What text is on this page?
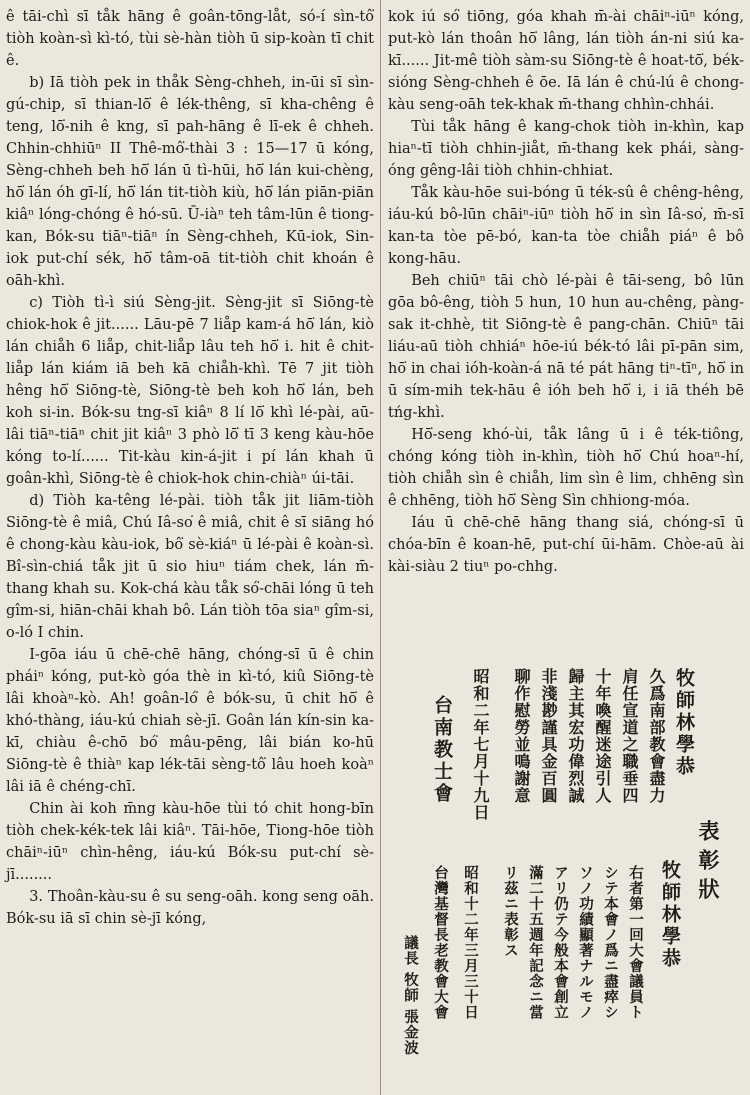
ê tāi-chì sī tåk hāng ê goân-tōng-låt, só-í sìn-tô͘ tiòh koàn-sì kì-tó, tùi sè-hàn tiòh ū sip-koàn tī chit ê.

b) Iā tiòh pek in thåk Sèng-chheh, in-ūi sī sìn-gú-chip, sī thian-lō͘ ê lék-thêng, sī kha-chêng ê teng, lō͘-nih ê kng, sī pah-hāng ê lī-ek ê chheh. Chhin-chhiūⁿ II Thê-mô͘-thài 3 : 15—17 ū kóng, Sèng-chheh beh hō͘ lán ū tì-hūi, hō͘ lán kui-chèng, hō͘ lán óh gī-lí, hō͘ lán tit-tiòh kiù, hō͘ lán piān-piān kiâⁿ lóng-chóng ê hó-sū. Ū-iàⁿ teh tâm-lūn ê tiong-kan, Bók-su tiāⁿ-tiāⁿ ín Sèng-chheh, Kū-iok, Sin-iok put-chí sék, hō͘ tâm-oā tit-tiòh chit khoán ê oāh-khì.

c) Tiòh tì-ì siú Sèng-jit. Sèng-jit sī Siōng-tè chiok-hok ê jit...... Lāu-pē 7 liåp kam-á hō͘ lán, kiò lán chiåh 6 liåp, chit-liåp lâu teh hō͘ i. hit ê chit-liåp lán kiám iā beh kā chiåh-khì. Tē 7 jit tiòh hêng hō͘ Siōng-tè, Siōng-tè beh koh hō͘ lán, beh koh si-in. Bók-su tng-sī kiâⁿ 8 lí lō͘ khì lé-pài, aū-lâi tiāⁿ-tiāⁿ chit jit kiâⁿ 3 phò lō͘ tī 3 keng kàu-hōe kóng to-lí...... Tit-kàu kin-á-jit i pí lán khah ū goân-khì, Siōng-tè ê chiok-hok chin-chiàⁿ úi-tāi.

d) Tiòh ka-têng lé-pài. tiòh tåk jit liām-tiòh Siōng-tè ê miâ, Chú Iâ-so͘ ê miâ, chit ê sī siāng hó ê chong-kàu kàu-iok, bô͘ sè-kiáⁿ ū lé-pài ê koàn-sì. Bî-sìn-chiá tåk jit ū sio hiuⁿ tiám chek, lán m̄-thang khah su. Kok-chá kàu tåk só͘-chāi lóng ū teh gîm-si, hiān-chāi khah bô. Lán tiòh tōa siaⁿ gîm-si, o-ló I chin.

I-gōa iáu ū chē-chē hāng, chóng-sī ū ê chin pháiⁿ kóng, put-kò góa thè in kì-tó, kiû Siōng-tè lâi khoàⁿ-kò. Ah! goân-ló͘ ê bók-su, ū chit hō͘ ê khó-thàng, iáu-kú chiah sè-jī. Goân lán kín-sin ka-kī, chiàu ê-chō bó͘ mâu-pēng, lâi bián ko-hū Siōng-tè ê thiàⁿ kap lék-tāi sèng-tô͘ lâu hoeh koàⁿ lâi iā ê chéng-chī.

Chin ài koh m̄ng kàu-hōe tùi tó chit hong-bīn tiòh chek-kék-tek lâi kiâⁿ. Tāi-hōe, Tiong-hōe tiòh chāiⁿ-iūⁿ chìn-hêng, iáu-kú Bók-su put-chí sè-jī........

3. Thoân-kàu-su ê su seng-oāh. kong seng oāh. Bók-su iā sī chin sè-jī kóng,

kok iú só͘ tiōng, góa khah m̄-ài chāiⁿ-iūⁿ kóng, put-kò lán thoân hō͘ lâng, lán tiòh án-ni siú ka-kī...... Jit-mê tiòh sàm-su Siōng-tè ê hoat-tō͘, bék-sióng Sèng-chheh ê ōe. Iā lán ê chú-lú ê chong-kàu seng-oāh tek-khak m̄-thang chhìn-chhái.

Tùi tåk hāng ê kang-chok tiòh in-khìn, kap hiaⁿ-tī tiòh chhin-jiåt, m̄-thang kek phái, sàng-óng gêng-lâi tiòh chhin-chhiat.

Tåk kàu-hōe sui-bóng ū ték-sû ê chêng-hêng, iáu-kú bô-lūn chāiⁿ-iūⁿ tiòh hō͘ in sìn Iâ-so͘, m̄-sī kan-ta tòe pē-bó, kan-ta tòe chiåh piáⁿ ê bô kong-hāu.

Beh chiūⁿ tāi chò lé-pài ê tāi-seng, bô lūn gōa bô-êng, tiòh 5 hun, 10 hun au-chêng, pàng-sak it-chhè, tit Siōng-tè ê pang-chān. Chiūⁿ tāi liáu-aū tiòh chhiáⁿ hōe-iú bék-tó lâi pī-pān sim, hō͘ in chai ióh-koàn-á nā té pát hāng tiⁿ-tīⁿ, hō͘ in ū sím-mih tek-hāu ê ióh beh hō͘ i, i iā théh bē tńg-khì.

Hō͘-seng khó-ùi, tåk lâng ū i ê ték-tiông, chóng kóng tiòh in-khìn, tiòh hō͘ Chú hoaⁿ-hí, tiòh chiåh sìn ê chiåh, lim sìn ê lim, chhēng sìn ê chhēng, tiòh hō͘ Sèng Sìn chhiong-móa.

Iáu ū chē-chē hāng thang siá, chóng-sī ū chóa-bīn ê koan-hē, put-chí ūi-hām. Chòe-aū ài kài-siàu 2 tiuⁿ po-chhg.

牧師林學恭
久爲南部教會盡力
肩任宣道之職垂四
十年喚醒迷途引人
歸主其宏功偉烈誠
非淺尠謹具金百圓
聊作慰勞並鳴謝意
昭和二年七月十九日
台南教士會
表彰狀
牧師林學恭
右者第一回大會議員ト
シテ本會ノ爲ニ盡瘁シ
ソノ功績顯著ナルモノ
アリ仍テ今般本會創立
滿二十五週年記念ニ當
リ茲ニ表彰ス
昭和十二年三月三十日
台灣基督長老教會大會
議長 牧師 張金波
